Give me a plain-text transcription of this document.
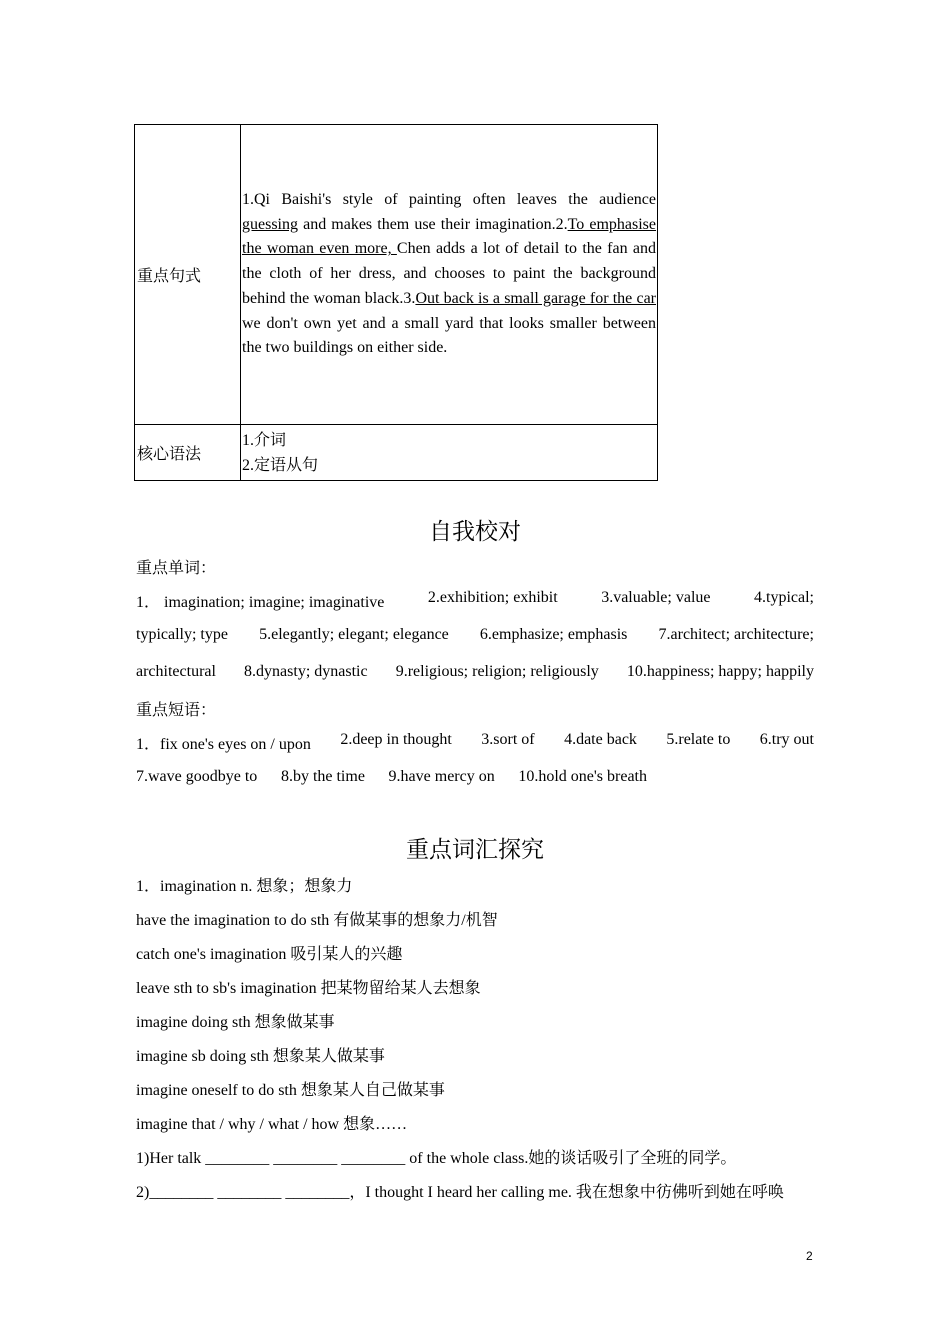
重点句式	1.Qi Baishi's style of painting often leaves the audience guessing and makes them use their imagination.2.To emphasise the woman even more, Chen adds a lot of detail to the fan and the cloth of her dress, and chooses to paint the background behind the woman black.3.Out back is a small garage for the car we don't own yet and a small yard that looks smaller between the two buildings on either side.

核心语法	1.介词
2.定语从句
自我校对
重点单词：
1． imagination; imagine; imaginative	2.exhibition; exhibit	3.valuable; value	4.typical;
typically; type 5.elegantly; elegant; elegance 6.emphasize; emphasis 7.architect; architecture;
architectural 8.dynasty; dynastic 9.religious; religion; religiously 10.happiness; happy; happily
重点短语：
1．fix one's eyes on / upon 2.deep in thought 3.sort of 4.date back 5.relate to 6.try out
7.wave goodbye to 8.by the time 9.have mercy on 10.hold one's breath
重点词汇探究
1．imagination n. 想象；想象力
have the imagination to do sth 有做某事的想象力/机智
catch one's imagination 吸引某人的兴趣
leave sth to sb's imagination 把某物留给某人去想象
imagine doing sth 想象做某事
imagine sb doing sth 想象某人做某事
imagine oneself to do sth 想象某人自己做某事
imagine that / why / what / how 想象……
1)Her talk ________ ________ ________ of the whole class.她的谈话吸引了全班的同学。
2)________ ________ ________，I thought I heard her calling me. 我在想象中彷佛听到她在呼唤
2
